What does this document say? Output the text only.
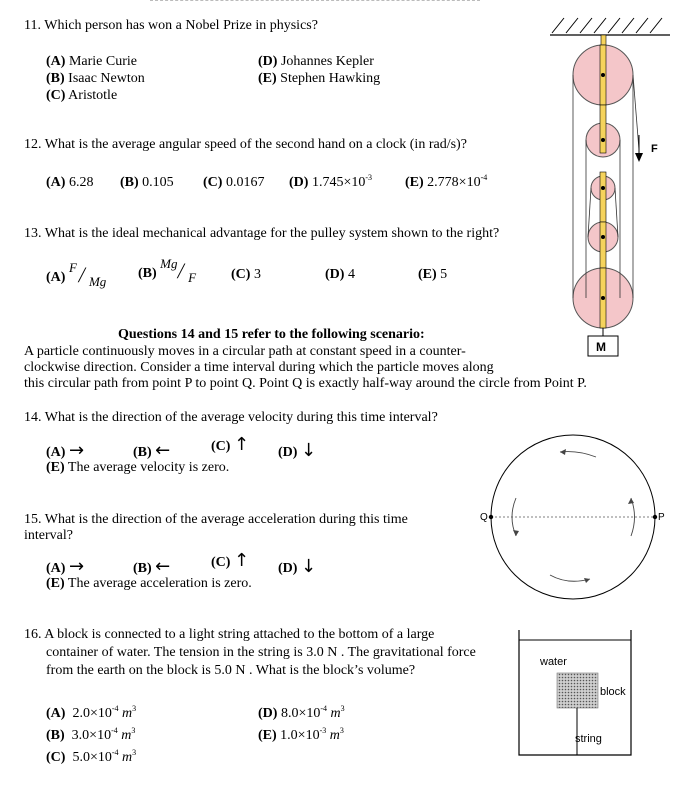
11. Which person has won a Nobel Prize in physics?
(A) Marie Curie
(B) Isaac Newton
(C) Aristotle
(D) Johannes Kepler
(E) Stephen Hawking
12. What is the average angular speed of the second hand on a clock (in rad/s)?
(A) 6.28 (B) 0.105 (C) 0.0167 (D) $1.745\times 10^{-3}$ (E) $2.778\times 10^{-4}$
13. What is the ideal mechanical advantage for the pulley system shown to the right?
(A)
F / Mg
(B)
Mg
/ F (C) 3	(D) 4	(E) 5
F
M
Questions 14 and 15 refer to the following scenario:
A particle continuously moves in a circular path at constant speed in a counter-
clockwise direction. Consider a time interval during which the particle moves along
this circular path from point P to point Q. Point Q is exactly half-way around the circle from Point P.
14. What is the direction of the average velocity during this time interval?
(A) →	(B) ←	(C) ↑ (D) ↓
(E) The average velocity is zero.
Q	P
15. What is the direction of the average acceleration during this time
interval?
(A) →	(B) ←	(C) ↑ (D) ↓
(E) The average acceleration is zero.
16. A block is connected to a light string attached to the bottom of a large
container of water. The tension in the string is 3.0 N . The gravitational force
from the earth on the block is 5.0 N . What is the block’s volume?
(A) $2.0\times 10^{-4}$ $m^3$
(B) $3.0\times 10^{-4}$ $m^3$
(C) $5.0\times 10^{-4}$ $m^3$
(D) $8.0\times 10^{-4}$ $m^3$
(E) $1.0\times 10^{-3}$ $m^3$
water
block
string
